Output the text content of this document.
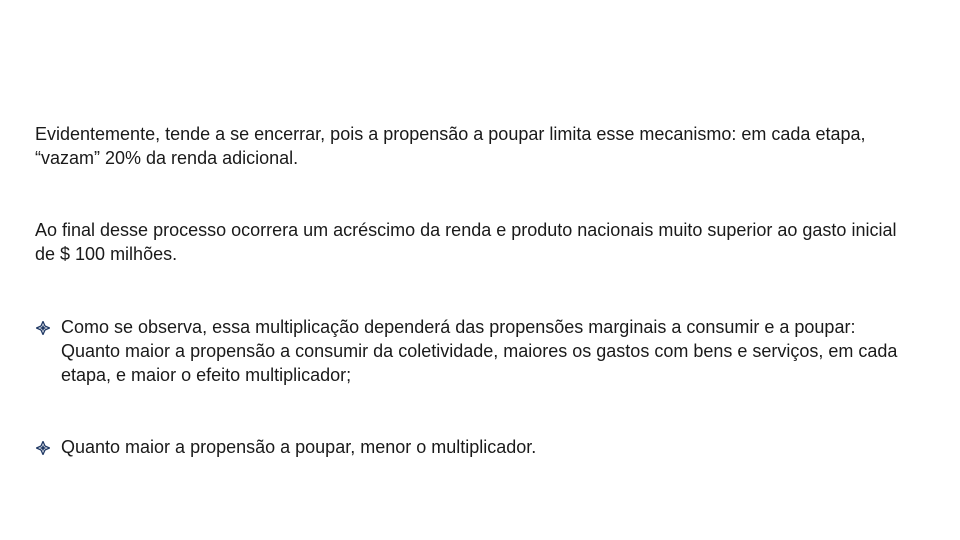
Evidentemente, tende a se encerrar, pois a propensão a poupar limita esse mecanismo: em cada etapa, “vazam” 20% da renda adicional.

Ao final desse processo ocorrera um acréscimo da renda e produto nacionais muito superior ao gasto inicial de $ 100 milhões.

Como se observa, essa multiplicação dependerá das propensões marginais a consumir e a poupar: Quanto maior a propensão a consumir da coletividade, maiores os gastos com bens e serviços, em cada etapa, e maior o efeito multiplicador;
Quanto maior a propensão a poupar, menor o multiplicador.
